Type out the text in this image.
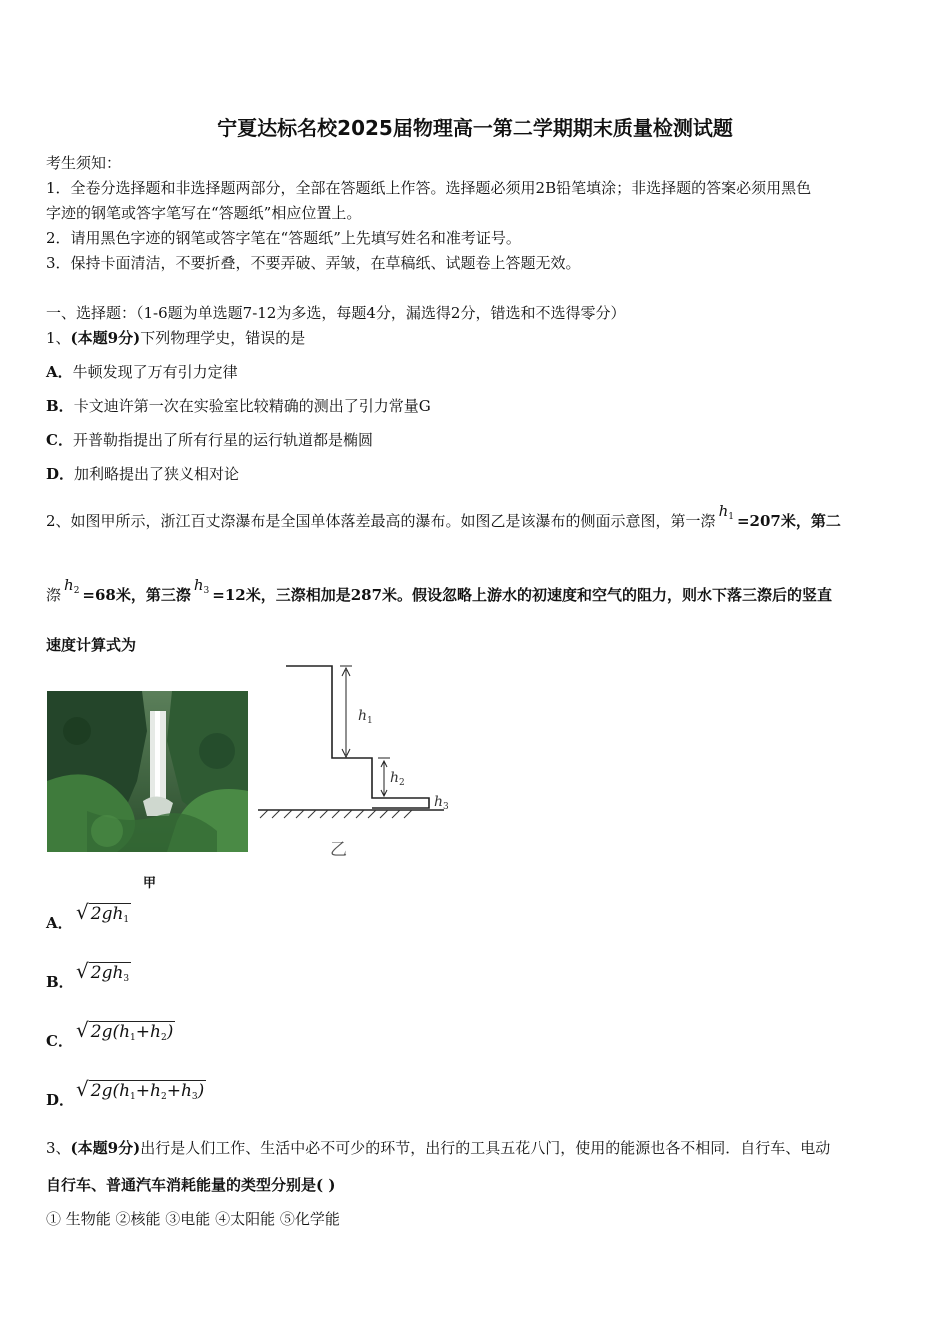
宁夏达标名校2025届物理高一第二学期期末质量检测试题
考生须知：
1．全卷分选择题和非选择题两部分，全部在答题纸上作答。选择题必须用2B铅笔填涂；非选择题的答案必须用黑色
字迹的钢笔或答字笔写在“答题纸”相应位置上。
2．请用黑色字迹的钢笔或答字笔在“答题纸”上先填写姓名和准考证号。
3．保持卡面清洁，不要折叠，不要弄破、弄皱，在草稿纸、试题卷上答题无效。
一、选择题：（1-6题为单选题7-12为多选，每题4分，漏选得2分，错选和不选得零分）
1、(本题9分)下列物理学史，错误的是
A．牛顿发现了万有引力定律
B．卡文迪许第一次在实验室比较精确的测出了引力常量G
C．开普勒指提出了所有行星的运行轨道都是椭圆
D．加利略提出了狭义相对论
2、如图甲所示，浙江百丈漈瀑布是全国单体落差最高的瀑布。如图乙是该瀑布的侧面示意图，第一漈$h_1 =207$米，第二
漈$h_2 =68$米，第三漈$h_3 =12$米，三漈相加是287米。假设忽略上游水的初速度和空气的阻力，则水下落三漈后的竖直
速度计算式为
甲
$h_1$
$h_2$
$h_3$
乙
A． √ $2gh_1$
B． √ $2gh_3$
C． √ $2g(h_1+h_2)$
D． √ $2g(h_1+h_2+h_3)$
3、(本题9分)出行是人们工作、生活中必不可少的环节，出行的工具五花八门，使用的能源也各不相同．自行车、电动
自行车、普通汽车消耗能量的类型分别是( )
① 生物能 ②核能 ③电能 ④太阳能 ⑤化学能
